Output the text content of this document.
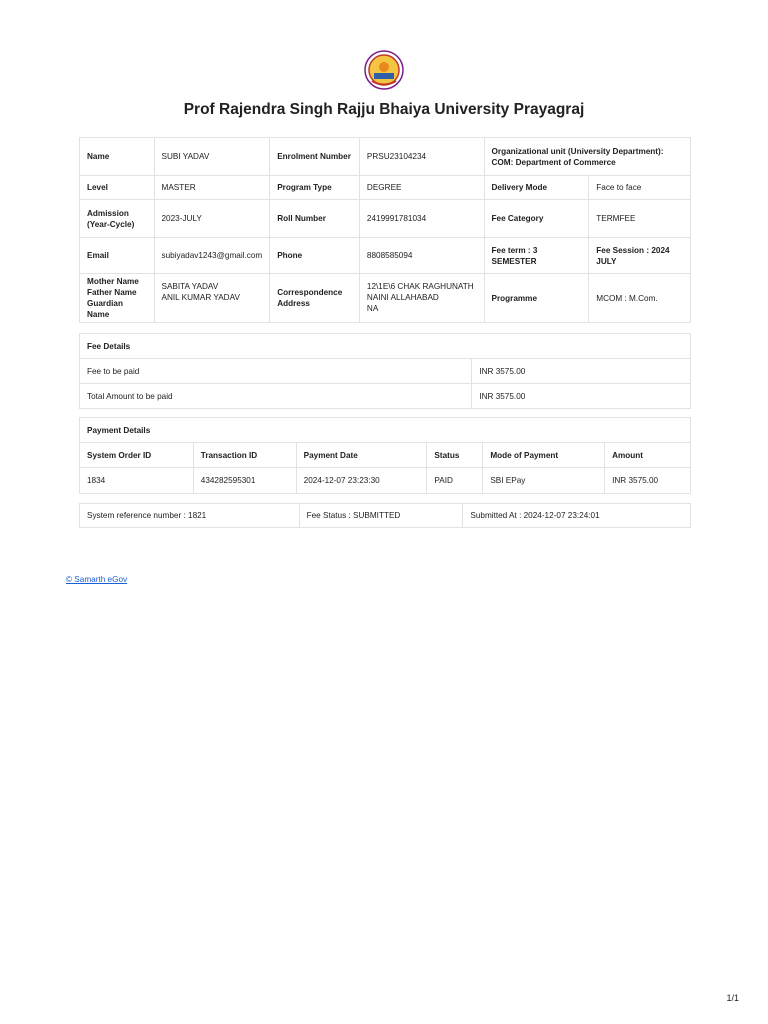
Prof Rajendra Singh Rajju Bhaiya University Prayagraj
Name	SUBI YADAV	Enrolment Number	PRSU23104234	Organizational unit (University Department):
COM: Department of Commerce	
Level	MASTER	Program Type	DEGREE	Delivery Mode	Face to face
Admission
(Year-Cycle)	2023-JULY	Roll Number	2419991781034	Fee Category	TERMFEE
Email	subiyadav1243@gmail.com	Phone	8808585094	Fee term : 3 SEMESTER	Fee Session : 2024
JULY
Mother Name
Father Name
Guardian Name	SABITA YADAV
ANIL KUMAR YADAV	Correspondence
Address	12\1E\6 CHAK RAGHUNATH
NAINI ALLAHABAD
NA	Programme	MCOM : M.Com.
Fee Details	
Fee to be paid	INR 3575.00
Total Amount to be paid	INR 3575.00
Payment Details					
System Order ID	Transaction ID	Payment Date	Status	Mode of Payment	Amount
1834	434282595301	2024-12-07 23:23:30	PAID	SBI EPay	INR 3575.00
System reference number : 1821	Fee Status : SUBMITTED	Submitted At : 2024-12-07 23:24:01
© Samarth eGov
1/1
